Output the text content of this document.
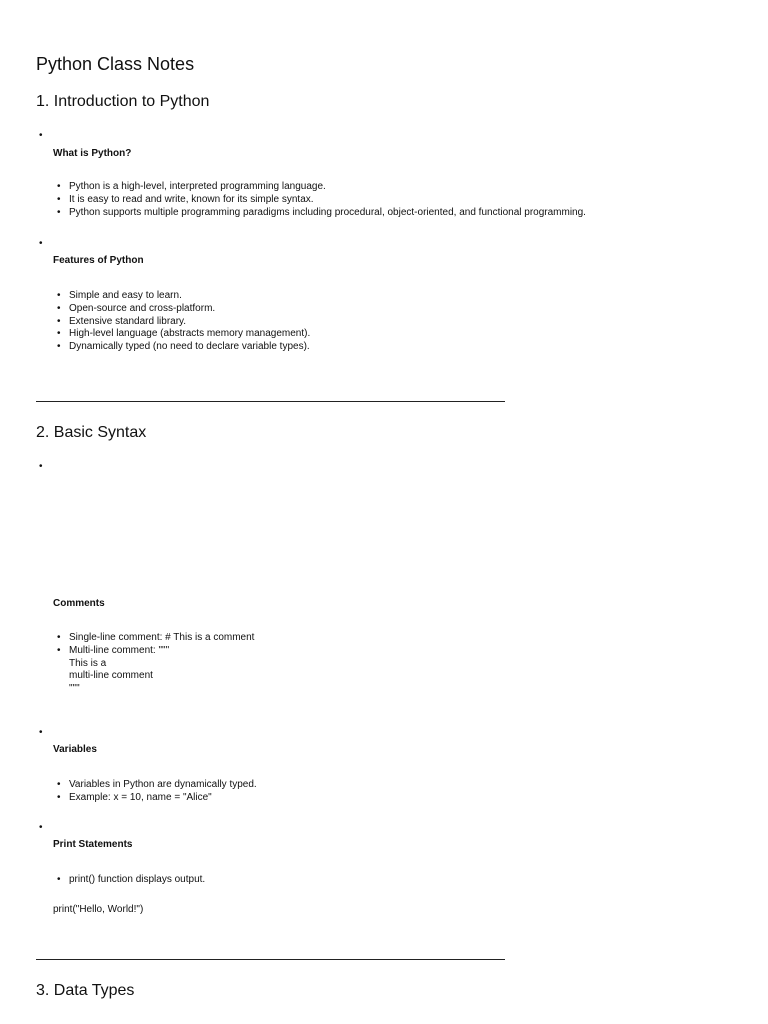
Python Class Notes
1. Introduction to Python
•
What is Python?
• Python is a high-level, interpreted programming language.
• It is easy to read and write, known for its simple syntax.
• Python supports multiple programming paradigms including procedural, object-oriented, and functional programming.
•
Features of Python
• Simple and easy to learn.
• Open-source and cross-platform.
• Extensive standard library.
• High-level language (abstracts memory management).
• Dynamically typed (no need to declare variable types).
2. Basic Syntax
•
Comments
• Single-line comment: # This is a comment
• Multi-line comment: """
This is a
multi-line comment
"""
•
Variables
• Variables in Python are dynamically typed.
• Example: x = 10, name = "Alice"
•
Print Statements
• print() function displays output.

print("Hello, World!")

3. Data Types
